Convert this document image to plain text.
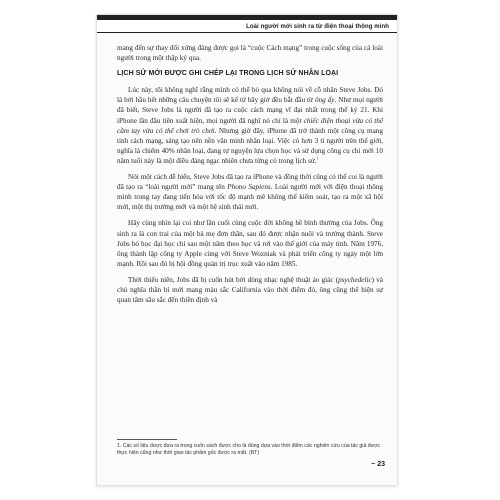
Loài người mới sinh ra từ điện thoại thông minh

mang đến sự thay đổi xứng đáng được gọi là “cuộc Cách mạng” trong cuộc sống của cả loài người trong một thập kỷ qua.

LỊCH SỬ MỚI ĐƯỢC GHI CHÉP LẠI TRONG LỊCH SỬ NHÂN LOẠI

Lúc này, tôi không nghĩ rằng mình có thể bỏ qua không nói về cỗ nhân Steve Jobs. Đó là bởi hầu hết những câu chuyện tôi sẽ kể từ bây giờ đều bắt đầu từ ông ấy. Như mọi người đã biết, Steve Jobs là người đã tạo ra cuộc cách mạng vĩ đại nhất trong thế kỷ 21. Khi iPhone lần đầu tiên xuất hiện, mọi người đã nghĩ nó chỉ là một chiếc điện thoại vừa có thể cầm tay vừa có thể chơi trò chơi. Nhưng giờ đây, iPhone đã trở thành một công cụ mang tính cách mạng, sáng tạo nên nền văn minh nhân loại. Việc có hơn 3 tỉ người trên thế giới, nghĩa là chiếm 40% nhân loại, đang tự nguyện lựa chọn học và sử dụng công cụ chỉ mới 10 năm tuổi này là một điều đáng ngạc nhiên chưa từng có trong lịch sử.$^1$

Nói một cách dễ hiểu, Steve Jobs đã tạo ra iPhone và đồng thời cũng có thể coi là người đã tạo ra “loài người mới” mang tên Phono Sapiens. Loài người mới với điện thoại thông minh trong tay đang tiến hóa với tốc độ mạnh mẽ không thể kiểm soát, tạo ra một xã hội mới, một thị trường mới và một hệ sinh thái mới.

Hãy cùng nhìn lại coi như lần cuối cùng cuộc đời không hề bình thường của Jobs. Ông sinh ra là con trai của một bà mẹ đơn thân, sau đó được nhận nuôi và trưởng thành. Steve Jobs bỏ học đại học chỉ sau một năm theo học và rơi vào thế giới của máy tính. Năm 1976, ông thành lập công ty Apple cùng với Steve Wozniak và phát triển công ty ngày một lớn mạnh. Rồi sau đó bị hội đồng quản trị trục xuất vào năm 1985.

Thời thiếu niên, Jobs đã bị cuốn hút bởi dòng nhạc nghệ thuật ảo giác (psychedelic) và chủ nghĩa thần bí mới mang màu sắc California vào thời điểm đó, ông cũng thể hiện sự quan tâm sâu sắc đến thiền định và

1. Các số liệu được đưa ra trong cuốn sách được cho là đúng dựa vào thời điểm các nghiên cứu của tác giả được thực hiện cũng như thời gian tác phẩm gốc được ra mắt. (BT)
~ 23
